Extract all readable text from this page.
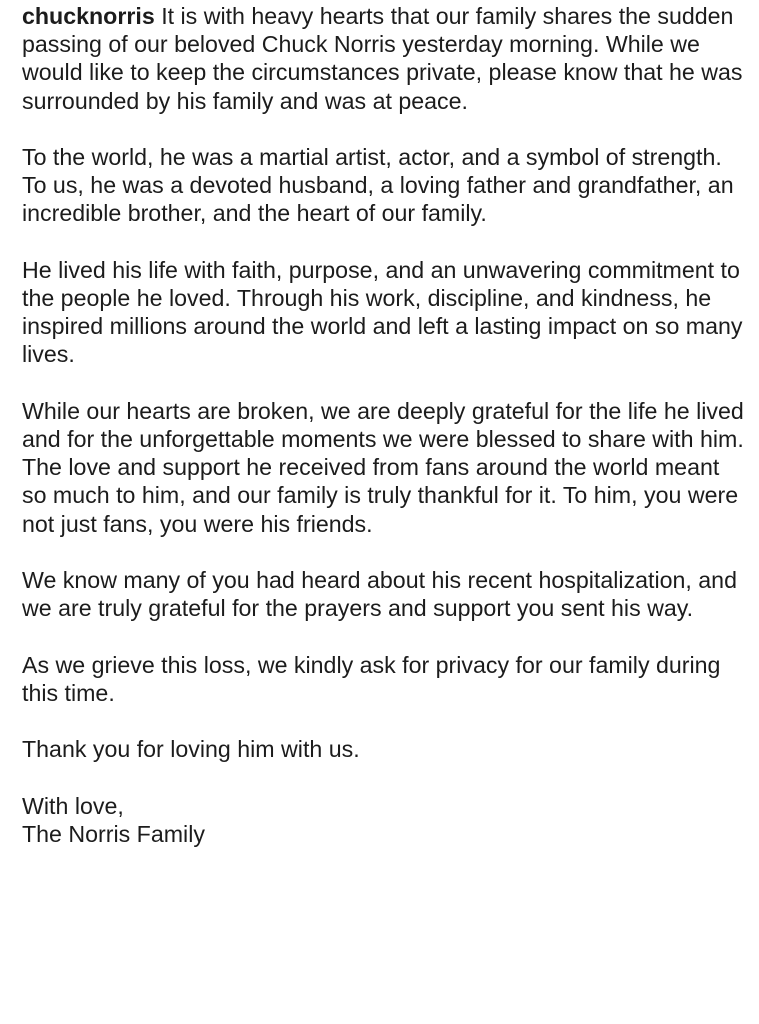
chucknorris It is with heavy hearts that our family shares the sudden passing of our beloved Chuck Norris yesterday morning. While we would like to keep the circumstances private, please know that he was surrounded by his family and was at peace.

To the world, he was a martial artist, actor, and a symbol of strength. To us, he was a devoted husband, a loving father and grandfather, an incredible brother, and the heart of our family.

He lived his life with faith, purpose, and an unwavering commitment to the people he loved. Through his work, discipline, and kindness, he inspired millions around the world and left a lasting impact on so many lives.

While our hearts are broken, we are deeply grateful for the life he lived and for the unforgettable moments we were blessed to share with him. The love and support he received from fans around the world meant so much to him, and our family is truly thankful for it. To him, you were not just fans, you were his friends.

We know many of you had heard about his recent hospitalization, and we are truly grateful for the prayers and support you sent his way.

As we grieve this loss, we kindly ask for privacy for our family during this time.

Thank you for loving him with us.

With love,
The Norris Family
